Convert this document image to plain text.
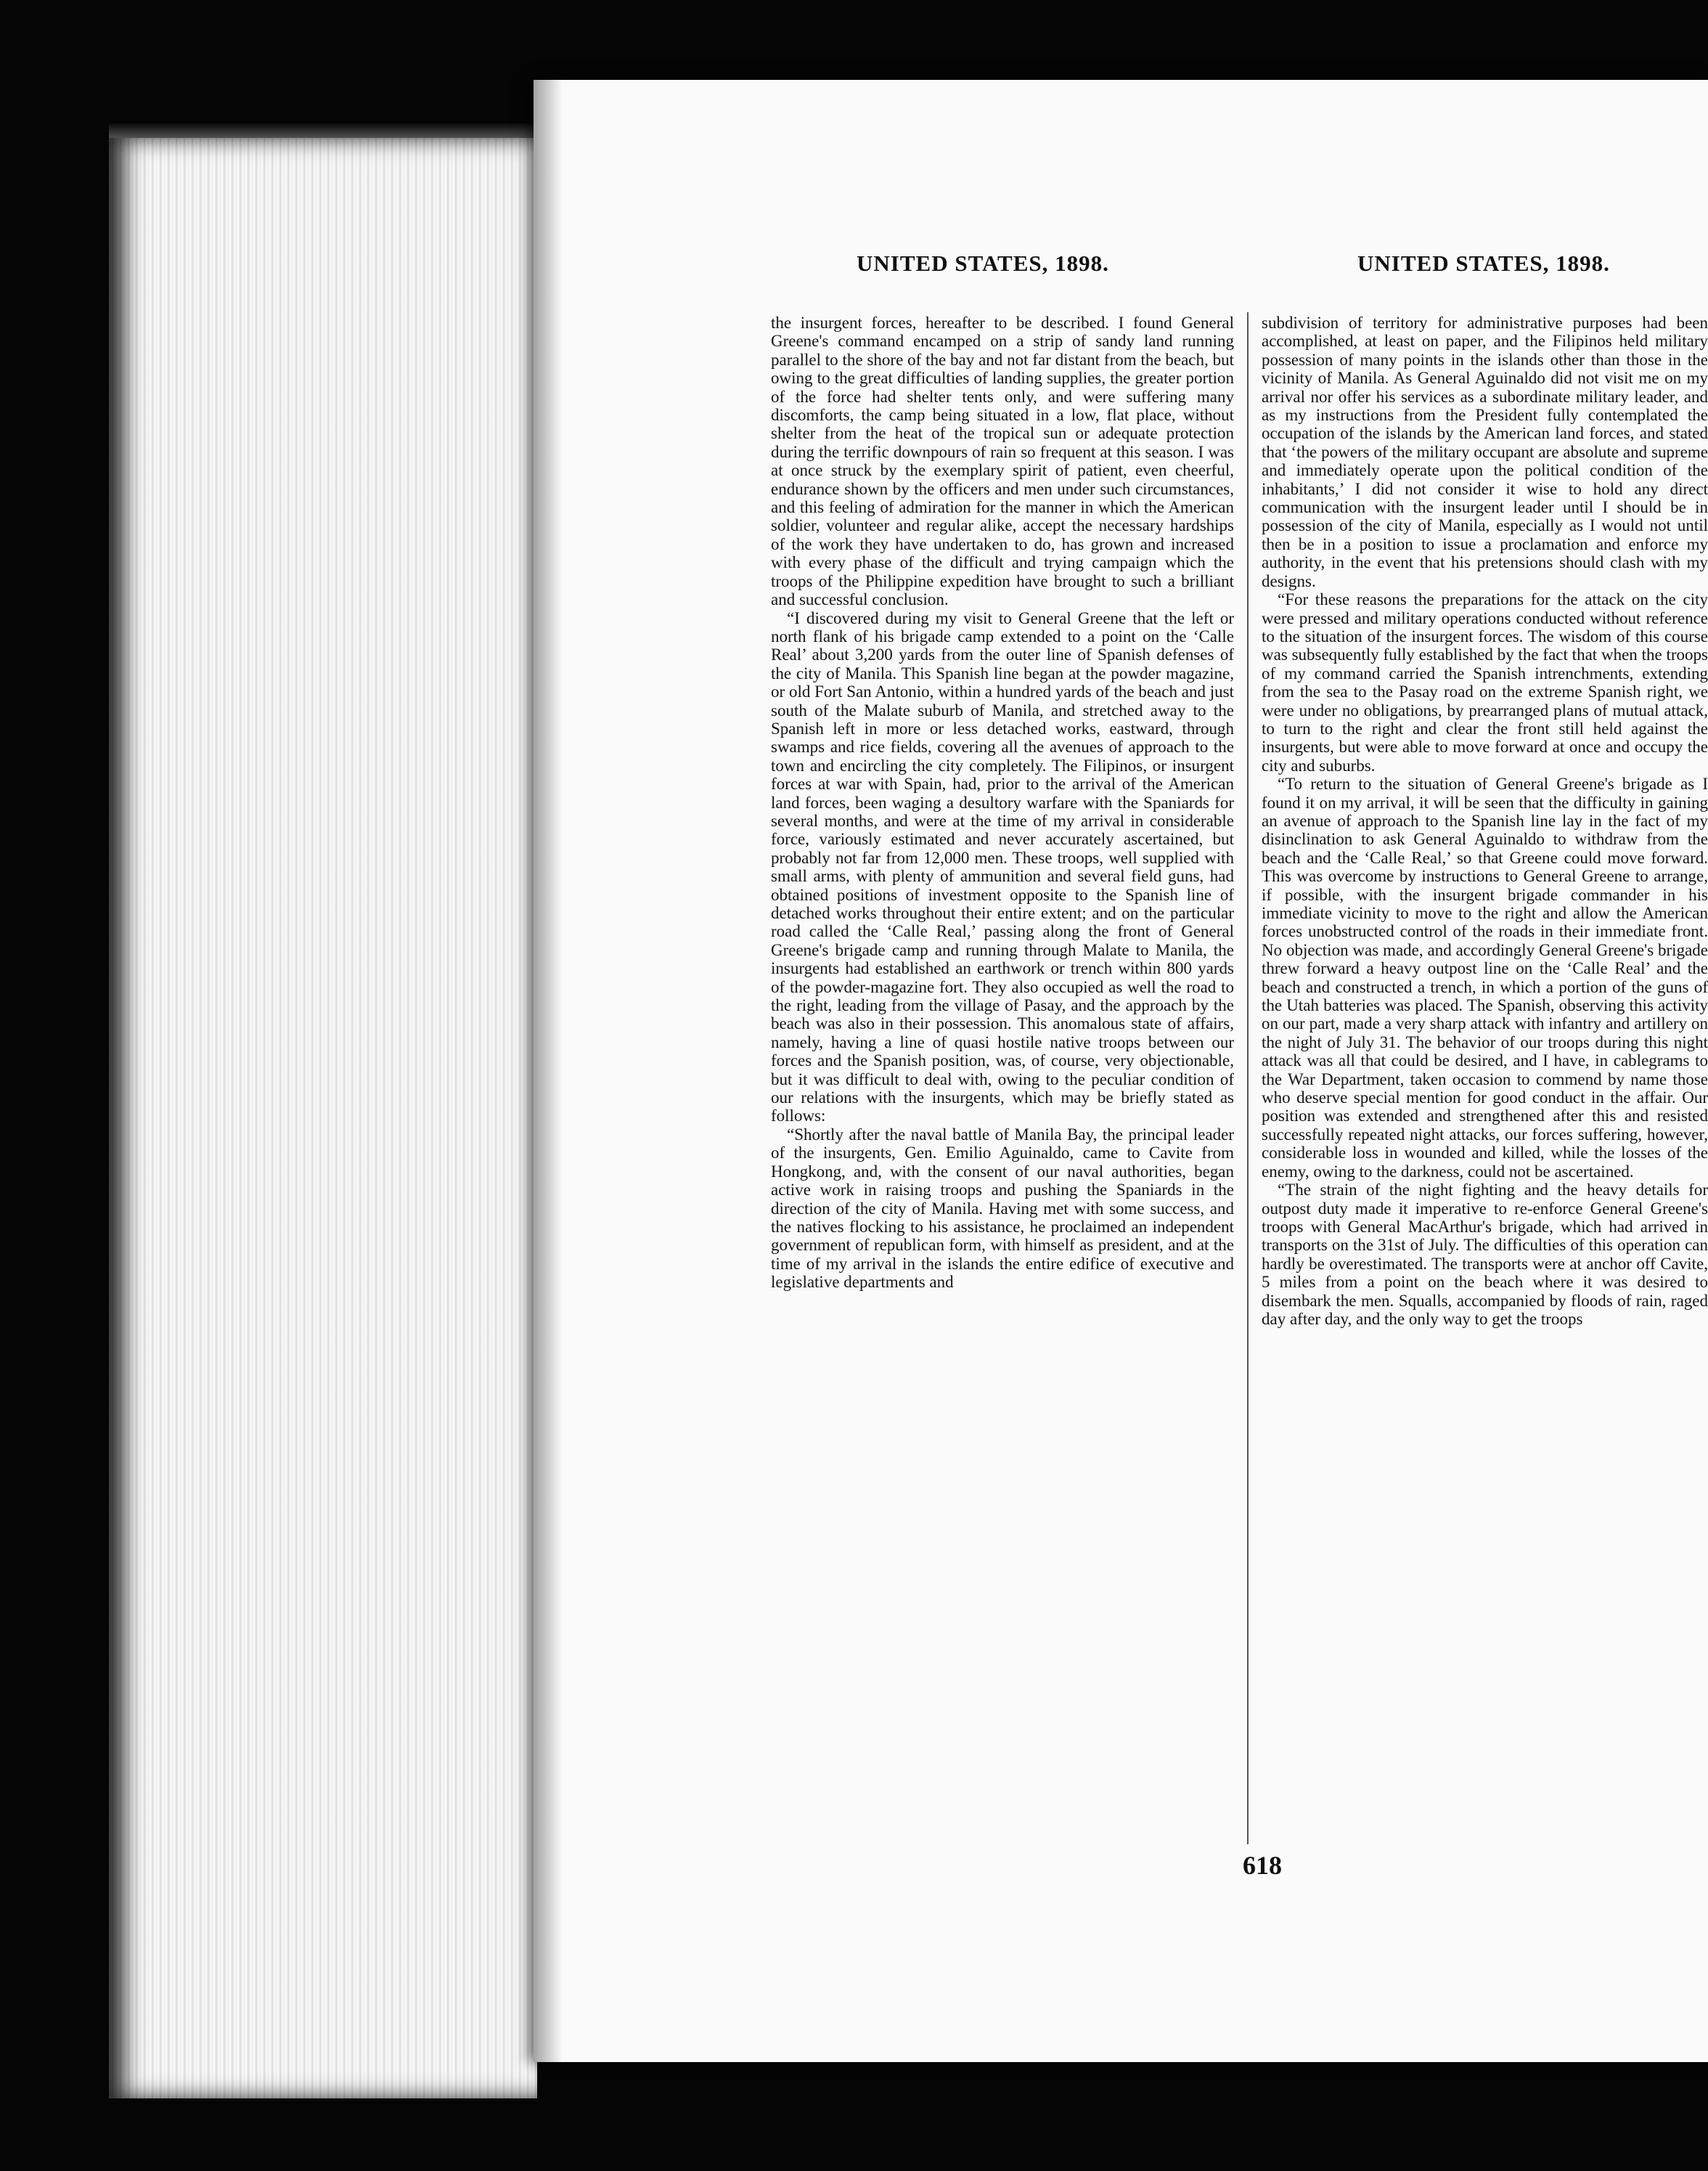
UNITED STATES, 1898.	UNITED STATES, 1898.

the insurgent forces, hereafter to be described. I found General Greene's command encamped on a strip of sandy land running parallel to the shore of the bay and not far distant from the beach, but owing to the great difficulties of landing supplies, the greater portion of the force had shelter tents only, and were suffering many discomforts, the camp being situated in a low, flat place, without shelter from the heat of the tropical sun or adequate protection during the terrific downpours of rain so frequent at this season. I was at once struck by the exemplary spirit of patient, even cheerful, endurance shown by the officers and men under such circumstances, and this feeling of admiration for the manner in which the American soldier, volunteer and regular alike, accept the necessary hardships of the work they have undertaken to do, has grown and increased with every phase of the difficult and trying campaign which the troops of the Philippine expedition have brought to such a brilliant and successful conclusion.

“I discovered during my visit to General Greene that the left or north flank of his brigade camp extended to a point on the ‘Calle Real’ about 3,200 yards from the outer line of Spanish defenses of the city of Manila. This Spanish line began at the powder magazine, or old Fort San Antonio, within a hundred yards of the beach and just south of the Malate suburb of Manila, and stretched away to the Spanish left in more or less detached works, eastward, through swamps and rice fields, covering all the avenues of approach to the town and encircling the city completely. The Filipinos, or insurgent forces at war with Spain, had, prior to the arrival of the American land forces, been waging a desultory warfare with the Spaniards for several months, and were at the time of my arrival in considerable force, variously estimated and never accurately ascertained, but probably not far from 12,000 men. These troops, well supplied with small arms, with plenty of ammunition and several field guns, had obtained positions of investment opposite to the Spanish line of detached works throughout their entire extent; and on the particular road called the ‘Calle Real,’ passing along the front of General Greene's brigade camp and running through Malate to Manila, the insurgents had established an earthwork or trench within 800 yards of the powder-magazine fort. They also occupied as well the road to the right, leading from the village of Pasay, and the approach by the beach was also in their possession. This anomalous state of affairs, namely, having a line of quasi hostile native troops between our forces and the Spanish position, was, of course, very objectionable, but it was difficult to deal with, owing to the peculiar condition of our relations with the insurgents, which may be briefly stated as follows:

“Shortly after the naval battle of Manila Bay, the principal leader of the insurgents, Gen. Emilio Aguinaldo, came to Cavite from Hongkong, and, with the consent of our naval authorities, began active work in raising troops and pushing the Spaniards in the direction of the city of Manila. Having met with some success, and the natives flocking to his assistance, he proclaimed an independent government of republican form, with himself as president, and at the time of my arrival in the islands the entire edifice of executive and legislative departments and

subdivision of territory for administrative purposes had been accomplished, at least on paper, and the Filipinos held military possession of many points in the islands other than those in the vicinity of Manila. As General Aguinaldo did not visit me on my arrival nor offer his services as a subordinate military leader, and as my instructions from the President fully contemplated the occupation of the islands by the American land forces, and stated that ‘the powers of the military occupant are absolute and supreme and immediately operate upon the political condition of the inhabitants,’ I did not consider it wise to hold any direct communication with the insurgent leader until I should be in possession of the city of Manila, especially as I would not until then be in a position to issue a proclamation and enforce my authority, in the event that his pretensions should clash with my designs.

“For these reasons the preparations for the attack on the city were pressed and military operations conducted without reference to the situation of the insurgent forces. The wisdom of this course was subsequently fully established by the fact that when the troops of my command carried the Spanish intrenchments, extending from the sea to the Pasay road on the extreme Spanish right, we were under no obligations, by prearranged plans of mutual attack, to turn to the right and clear the front still held against the insurgents, but were able to move forward at once and occupy the city and suburbs.

“To return to the situation of General Greene's brigade as I found it on my arrival, it will be seen that the difficulty in gaining an avenue of approach to the Spanish line lay in the fact of my disinclination to ask General Aguinaldo to withdraw from the beach and the ‘Calle Real,’ so that Greene could move forward. This was overcome by instructions to General Greene to arrange, if possible, with the insurgent brigade commander in his immediate vicinity to move to the right and allow the American forces unobstructed control of the roads in their immediate front. No objection was made, and accordingly General Greene's brigade threw forward a heavy outpost line on the ‘Calle Real’ and the beach and constructed a trench, in which a portion of the guns of the Utah batteries was placed. The Spanish, observing this activity on our part, made a very sharp attack with infantry and artillery on the night of July 31. The behavior of our troops during this night attack was all that could be desired, and I have, in cablegrams to the War Department, taken occasion to commend by name those who deserve special mention for good conduct in the affair. Our position was extended and strengthened after this and resisted successfully repeated night attacks, our forces suffering, however, considerable loss in wounded and killed, while the losses of the enemy, owing to the darkness, could not be ascertained.

“The strain of the night fighting and the heavy details for outpost duty made it imperative to re-enforce General Greene's troops with General MacArthur's brigade, which had arrived in transports on the 31st of July. The difficulties of this operation can hardly be overestimated. The transports were at anchor off Cavite, 5 miles from a point on the beach where it was desired to disembark the men. Squalls, accompanied by floods of rain, raged day after day, and the only way to get the troops

618
